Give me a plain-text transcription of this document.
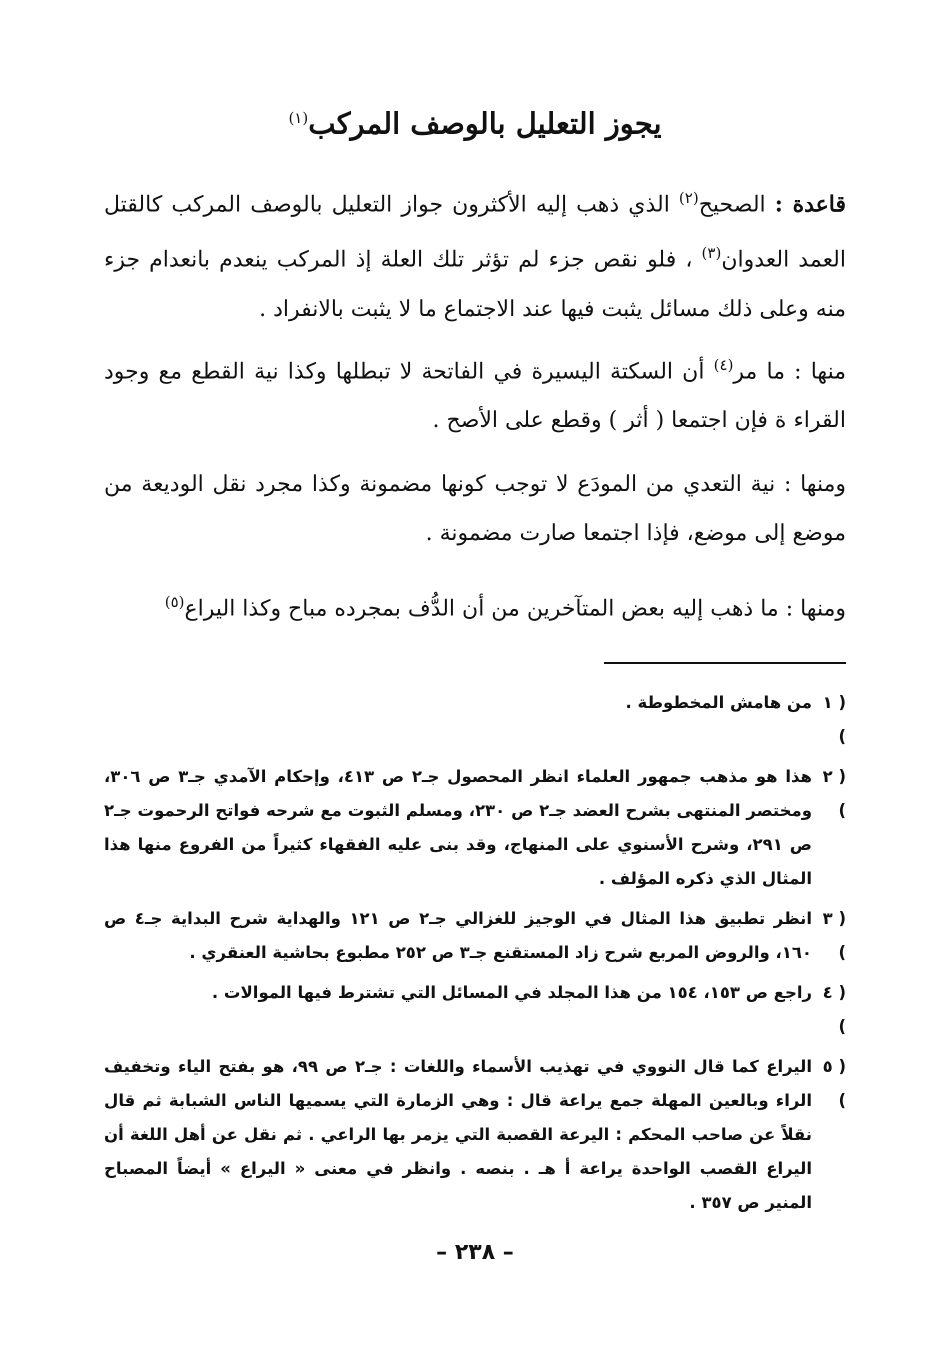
يجوز التعليل بالوصف المركب$^{(١)}$
قاعدة : الصحيح$^{(٢)}$ الذي ذهب إليه الأكثرون جواز التعليل بالوصف المركب كالقتل العمد العدوان$^{(٣)}$ ، فلو نقص جزء لم تؤثر تلك العلة إذ المركب ينعدم بانعدام جزء منه وعلى ذلك مسائل يثبت فيها عند الاجتماع ما لا يثبت بالانفراد .
منها : ما مر$^{(٤)}$ أن السكتة اليسيرة في الفاتحة لا تبطلها وكذا نية القطع مع وجود القراء ة فإن اجتمعا ( أثر ) وقطع على الأصح .
ومنها : نية التعدي من المودَع لا توجب كونها مضمونة وكذا مجرد نقل الوديعة من موضع إلى موضع، فإذا اجتمعا صارت مضمونة .
ومنها : ما ذهب إليه بعض المتآخرين من أن الدُّف بمجرده مباح وكذا اليراع$^{(٥)}$
( ١ )
من هامش المخطوطة .
( ٢ )
هذا هو مذهب جمهور العلماء انظر المحصول جـ٢ ص ٤١٣، وإحكام الآمدي جـ٣ ص ٣٠٦، ومختصر المنتهى بشرح العضد جـ٢ ص ٢٣٠، ومسلم الثبوت مع شرحه فواتح الرحموت جـ٢ ص ٢٩١، وشرح الأسنوي على المنهاج، وقد بنى عليه الفقهاء كثيراً من الفروع منها هذا المثال الذي ذكره المؤلف .
( ٣ )
انظر تطبيق هذا المثال في الوجيز للغزالي جـ٢ ص ١٢١ والهداية شرح البداية جـ٤ ص ١٦٠، والروض المربع شرح زاد المستقنع جـ٣ ص ٢٥٢ مطبوع بحاشية العنقري .
( ٤ )
راجع ص ١٥٣، ١٥٤ من هذا المجلد في المسائل التي تشترط فيها الموالات .
( ٥ )
اليراع كما قال النووي في تهذيب الأسماء واللغات : جـ٢ ص ٩٩، هو بفتح الياء وتخفيف الراء وبالعين المهلة جمع يراعة قال : وهي الزمارة التي يسميها الناس الشبابة ثم قال نقلاً عن صاحب المحكم : اليرعة القصبة التي يزمر بها الراعي . ثم نقل عن أهل اللغة أن اليراع القصب الواحدة يراعة أ هـ . بنصه . وانظر في معنى « اليراع » أيضاً المصباح المنير ص ٣٥٧ .
– ٢٣٨ –
